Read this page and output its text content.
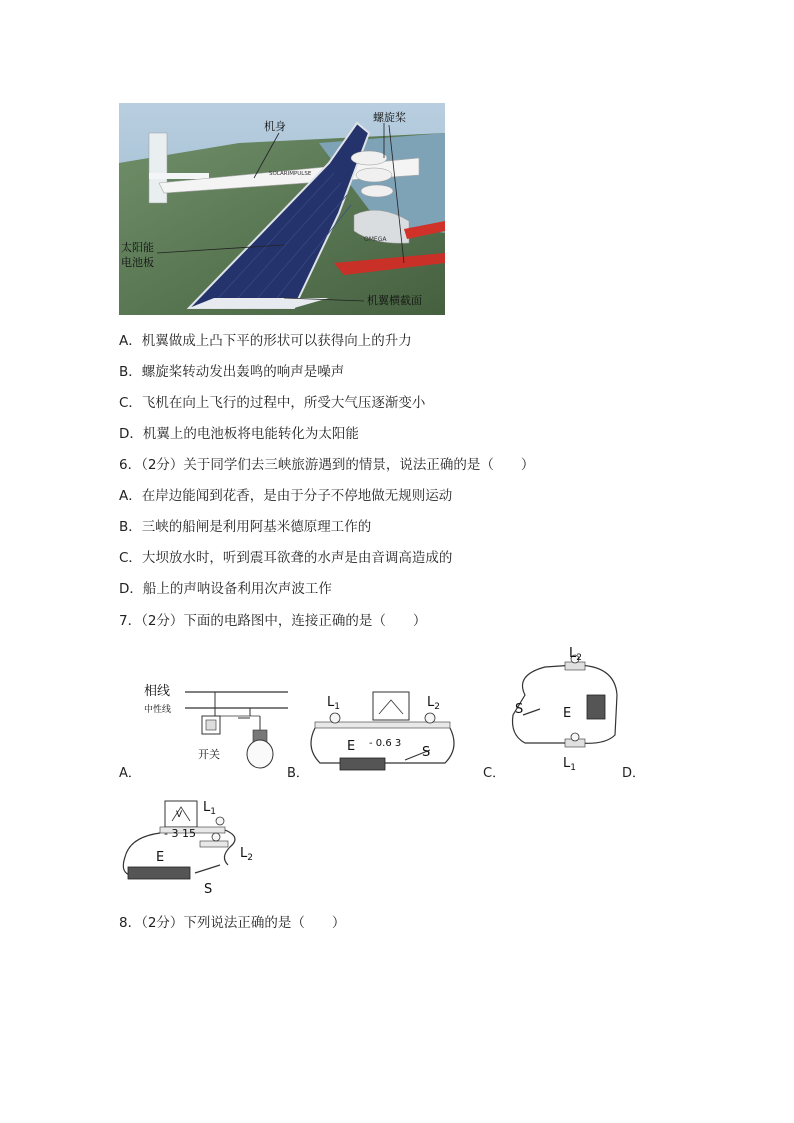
机身
螺旋桨
太阳能
电池板
机翼横截面
SOLARIMPULSE
OMEGA
A．机翼做成上凸下平的形状可以获得向上的升力
B．螺旋桨转动发出轰鸣的响声是噪声
C．飞机在向上飞行的过程中，所受大气压逐渐变小
D．机翼上的电池板将电能转化为太阳能
6．（2分）关于同学们去三峡旅游遇到的情景，说法正确的是（　　）
A．在岸边能闻到花香，是由于分子不停地做无规则运动
B．三峡的船闸是利用阿基米德原理工作的
C．大坝放水时，听到震耳欲聋的水声是由音调高造成的
D．船上的声呐设备利用次声波工作
7．（2分）下面的电路图中，连接正确的是（　　）
相线
中性线
开关
A．
$L_1$	$L_2$
E	S
- 0.6 3
B．
$L_2$
$L_1$
E
S
C．	D．
$L_1$
$L_2$
E
S
- 3 15
V
8．（2分）下列说法正确的是（　　）
